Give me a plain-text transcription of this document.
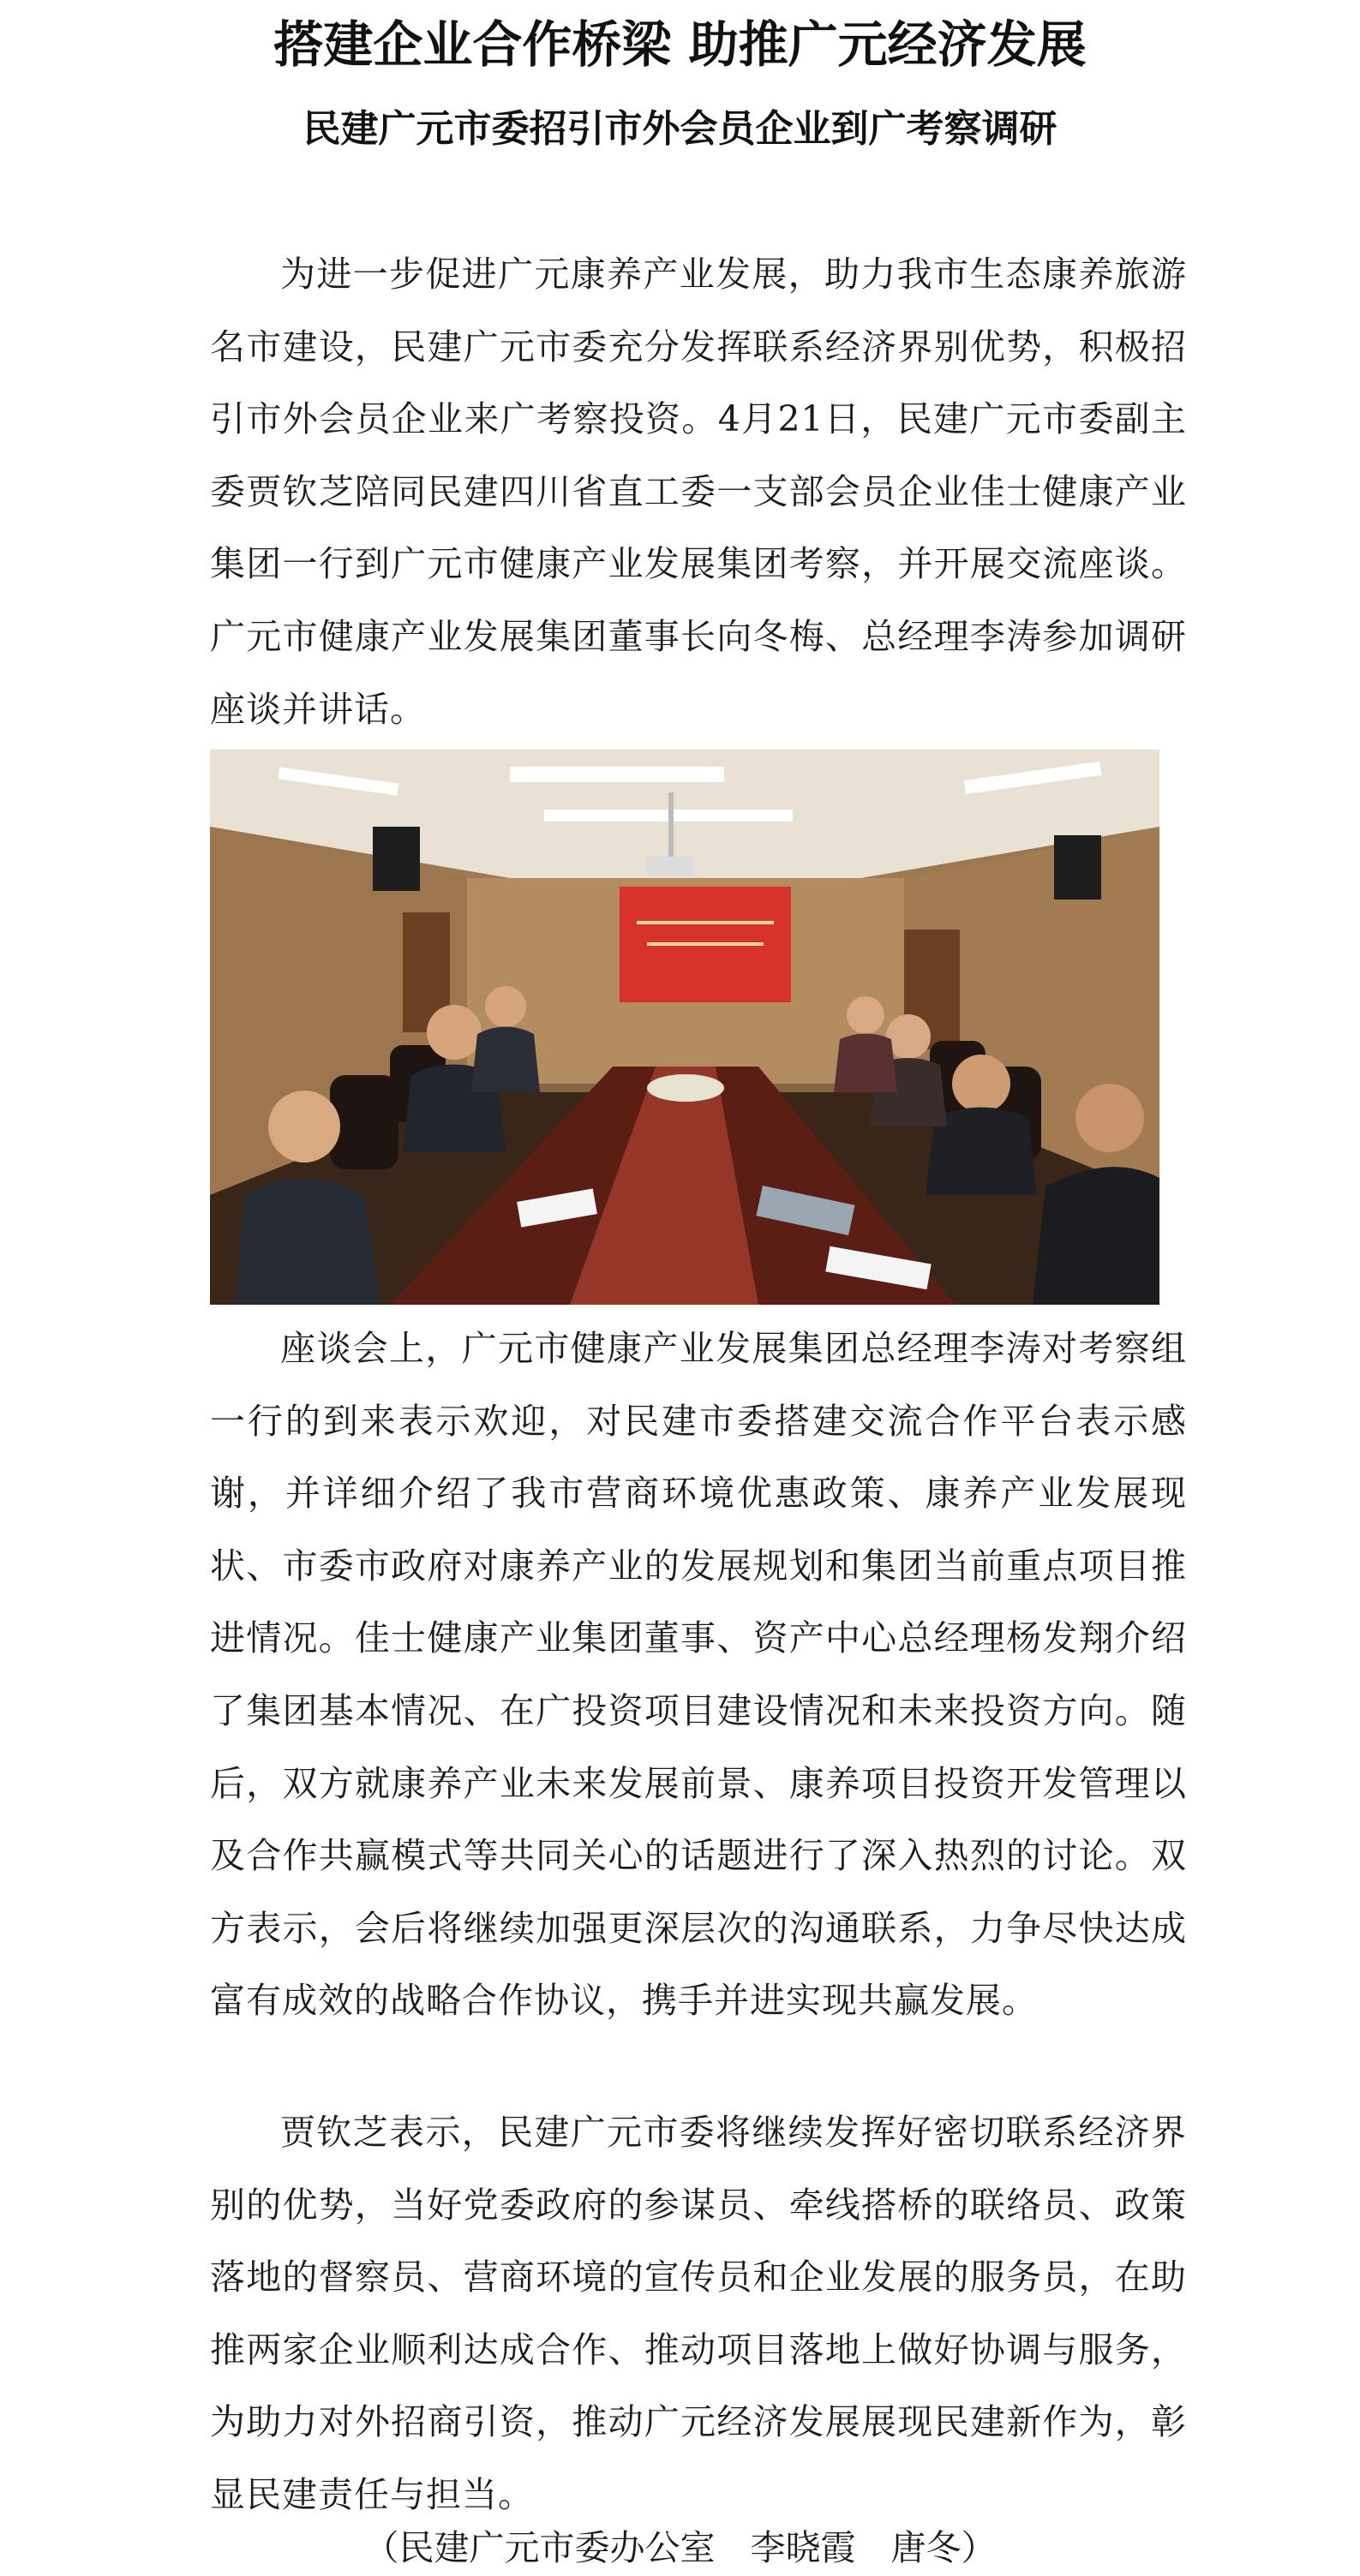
搭建企业合作桥梁 助推广元经济发展
民建广元市委招引市外会员企业到广考察调研

为进一步促进广元康养产业发展，助力我市生态康养旅游名市建设，民建广元市委充分发挥联系经济界别优势，积极招引市外会员企业来广考察投资。4月21日，民建广元市委副主委贾钦芝陪同民建四川省直工委一支部会员企业佳士健康产业集团一行到广元市健康产业发展集团考察，并开展交流座谈。广元市健康产业发展集团董事长向冬梅、总经理李涛参加调研座谈并讲话。

座谈会上，广元市健康产业发展集团总经理李涛对考察组一行的到来表示欢迎，对民建市委搭建交流合作平台表示感谢，并详细介绍了我市营商环境优惠政策、康养产业发展现状、市委市政府对康养产业的发展规划和集团当前重点项目推进情况。佳士健康产业集团董事、资产中心总经理杨发翔介绍了集团基本情况、在广投资项目建设情况和未来投资方向。随后，双方就康养产业未来发展前景、康养项目投资开发管理以及合作共赢模式等共同关心的话题进行了深入热烈的讨论。双方表示，会后将继续加强更深层次的沟通联系，力争尽快达成富有成效的战略合作协议，携手并进实现共赢发展。

贾钦芝表示，民建广元市委将继续发挥好密切联系经济界别的优势，当好党委政府的参谋员、牵线搭桥的联络员、政策落地的督察员、营商环境的宣传员和企业发展的服务员，在助推两家企业顺利达成合作、推动项目落地上做好协调与服务，为助力对外招商引资，推动广元经济发展展现民建新作为，彰显民建责任与担当。

（民建广元市委办公室　李晓霞　唐冬）
